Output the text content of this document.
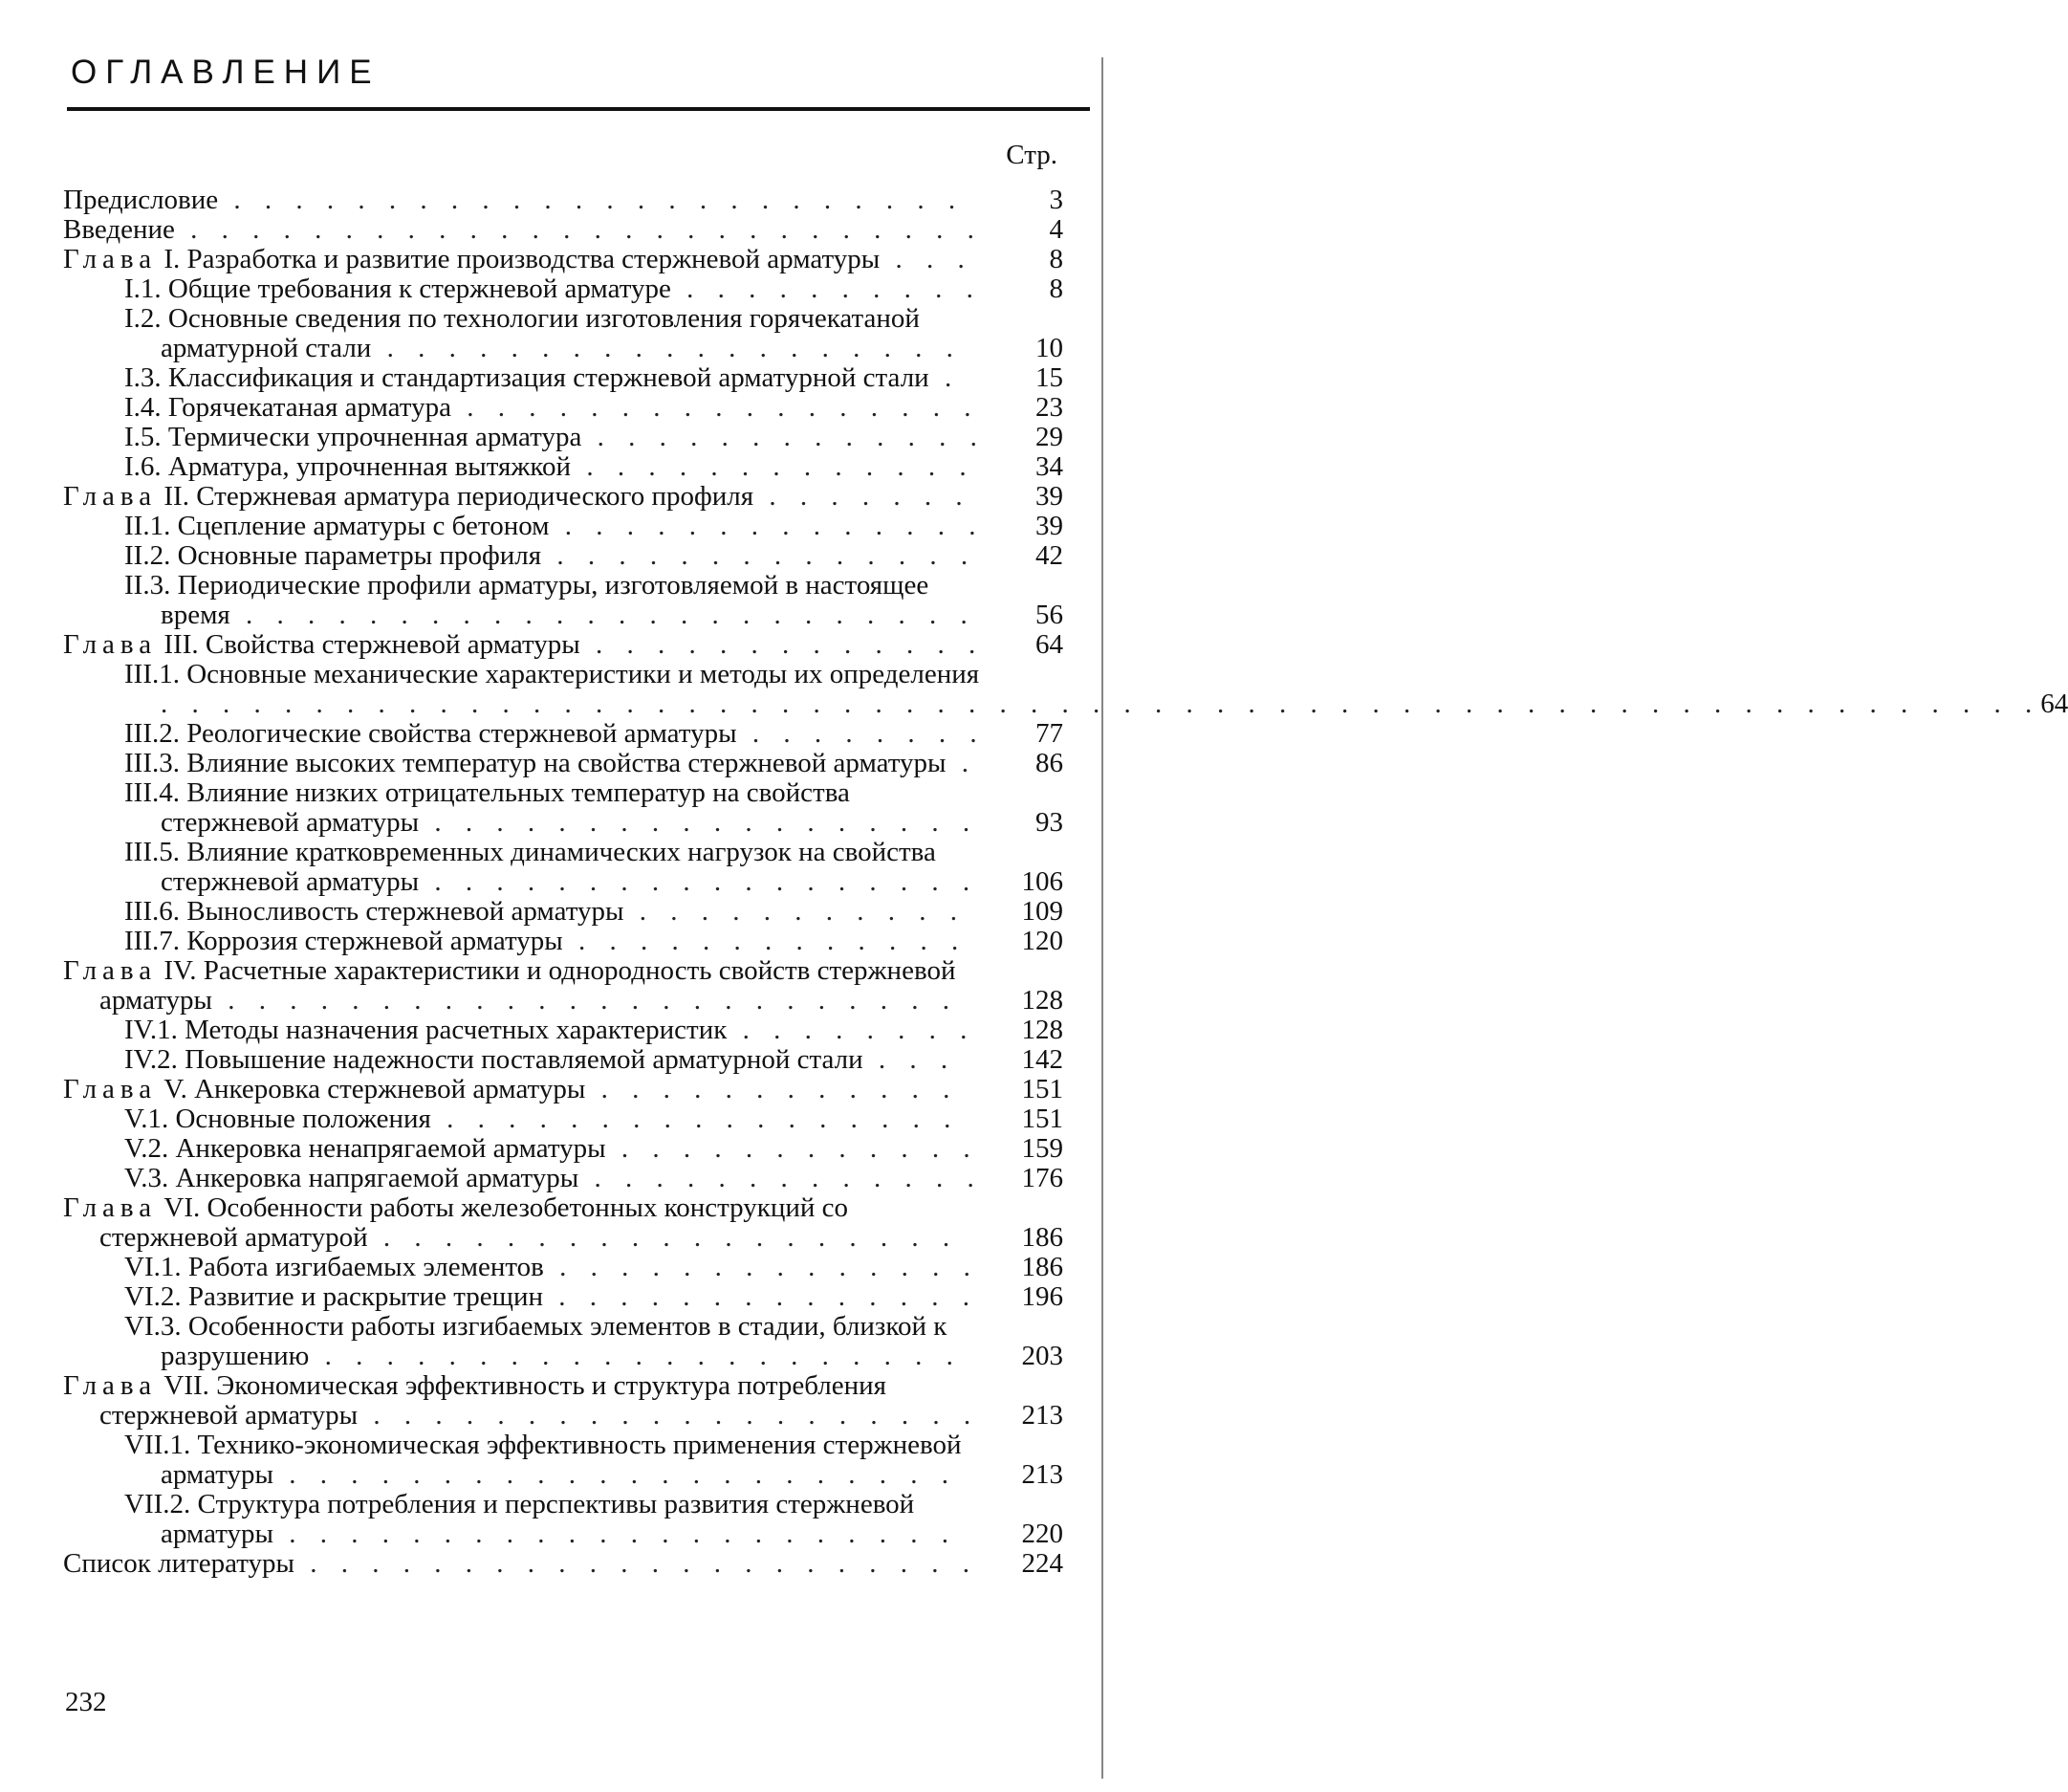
ОГЛАВЛЕНИЕ
Стр.
Предисловие . . . . . . . . . . . . . . . . . . . . . . . .	3
Введение . . . . . . . . . . . . . . . . . . . . . . . . . .	4
Глава I. Разработка и развитие производства стержневой арматуры . . .	8
I.1. Общие требования к стержневой арматуре . . . . . . . . . .	8
I.2. Основные сведения по технологии изготовления горячекатаной арматурной стали . . . . . . . . . . . . . . . . . . .	10
I.3. Классификация и стандартизация стержневой арматурной стали .	15
I.4. Горячекатаная арматура . . . . . . . . . . . . . . . . .	23
I.5. Термически упрочненная арматура . . . . . . . . . . . . .	29
I.6. Арматура, упрочненная вытяжкой . . . . . . . . . . . . .	34
Глава II. Стержневая арматура периодического профиля . . . . . . .	39
II.1. Сцепление арматуры с бетоном . . . . . . . . . . . . . .	39
II.2. Основные параметры профиля . . . . . . . . . . . . . .	42
II.3. Периодические профили арматуры, изготовляемой в настоящее время . . . . . . . . . . . . . . . . . . . . . . . .	56
Глава III. Свойства стержневой арматуры . . . . . . . . . . . . .	64
III.1. Основные механические характеристики и методы их определения . . . . . . . . . . . . . . . . . . . . . . . . . . . . . . . . . . . . . . . . . . . . . . . . . . . . . . . . . . . . . 64
III.2. Реологические свойства стержневой арматуры . . . . . . . .	77
III.3. Влияние высоких температур на свойства стержневой арматуры .	86
III.4. Влияние низких отрицательных температур на свойства стержневой арматуры . . . . . . . . . . . . . . . . . .	93
III.5. Влияние кратковременных динамических нагрузок на свойства стержневой арматуры . . . . . . . . . . . . . . . . . .	106
III.6. Выносливость стержневой арматуры . . . . . . . . . . .	109
III.7. Коррозия стержневой арматуры . . . . . . . . . . . . .	120
Глава IV. Расчетные характеристики и однородность свойств стержневой арматуры . . . . . . . . . . . . . . . . . . . . . . . .	128
IV.1. Методы назначения расчетных характеристик . . . . . . . .	128
IV.2. Повышение надежности поставляемой арматурной стали . . .	142
Глава V. Анкеровка стержневой арматуры . . . . . . . . . . . .	151
V.1. Основные положения . . . . . . . . . . . . . . . . .	151
V.2. Анкеровка ненапрягаемой арматуры . . . . . . . . . . . .	159
V.3. Анкеровка напрягаемой арматуры . . . . . . . . . . . . .	176
Глава VI. Особенности работы железобетонных конструкций со стержневой арматурой . . . . . . . . . . . . . . . . . . .	186
VI.1. Работа изгибаемых элементов . . . . . . . . . . . . . .	186
VI.2. Развитие и раскрытие трещин . . . . . . . . . . . . . .	196
VI.3. Особенности работы изгибаемых элементов в стадии, близкой к разрушению . . . . . . . . . . . . . . . . . . . . .	203
Глава VII. Экономическая эффективность и структура потребления стержневой арматуры . . . . . . . . . . . . . . . . . . . .	213
VII.1. Технико-экономическая эффективность применения стержневой арматуры . . . . . . . . . . . . . . . . . . . . . .	213
VII.2. Структура потребления и перспективы развития стержневой арматуры . . . . . . . . . . . . . . . . . . . . . .	220
Список литературы . . . . . . . . . . . . . . . . . . . . . .	224
232
